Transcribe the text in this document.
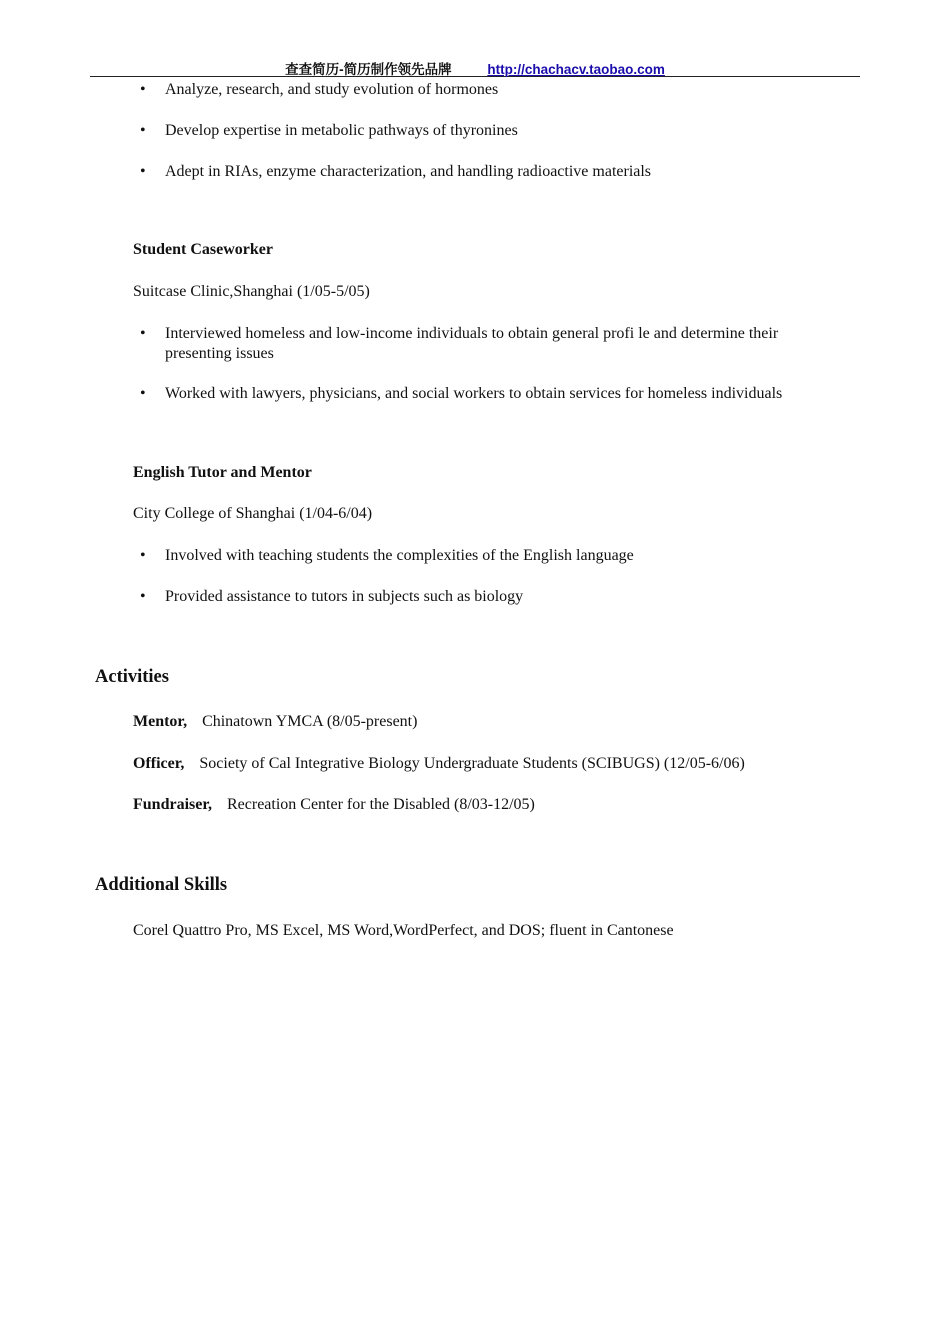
查查简历-简历制作领先品牌	http://chachacv.taobao.com
• Analyze, research, and study evolution of hormones
• Develop expertise in metabolic pathways of thyronines
• Adept in RIAs, enzyme characterization, and handling radioactive materials
Student Caseworker
Suitcase Clinic,Shanghai (1/05-5/05)
• Interviewed homeless and low-income individuals to obtain general profi le and determine their presenting issues
• Worked with lawyers, physicians, and social workers to obtain services for homeless individuals
English Tutor and Mentor
City College of Shanghai (1/04-6/04)
• Involved with teaching students the complexities of the English language
• Provided assistance to tutors in subjects such as biology
Activities
Mentor, Chinatown YMCA (8/05-present)
Officer, Society of Cal Integrative Biology Undergraduate Students (SCIBUGS) (12/05-6/06)
Fundraiser, Recreation Center for the Disabled (8/03-12/05)
Additional Skills
Corel Quattro Pro, MS Excel, MS Word,WordPerfect, and DOS; fluent in Cantonese
